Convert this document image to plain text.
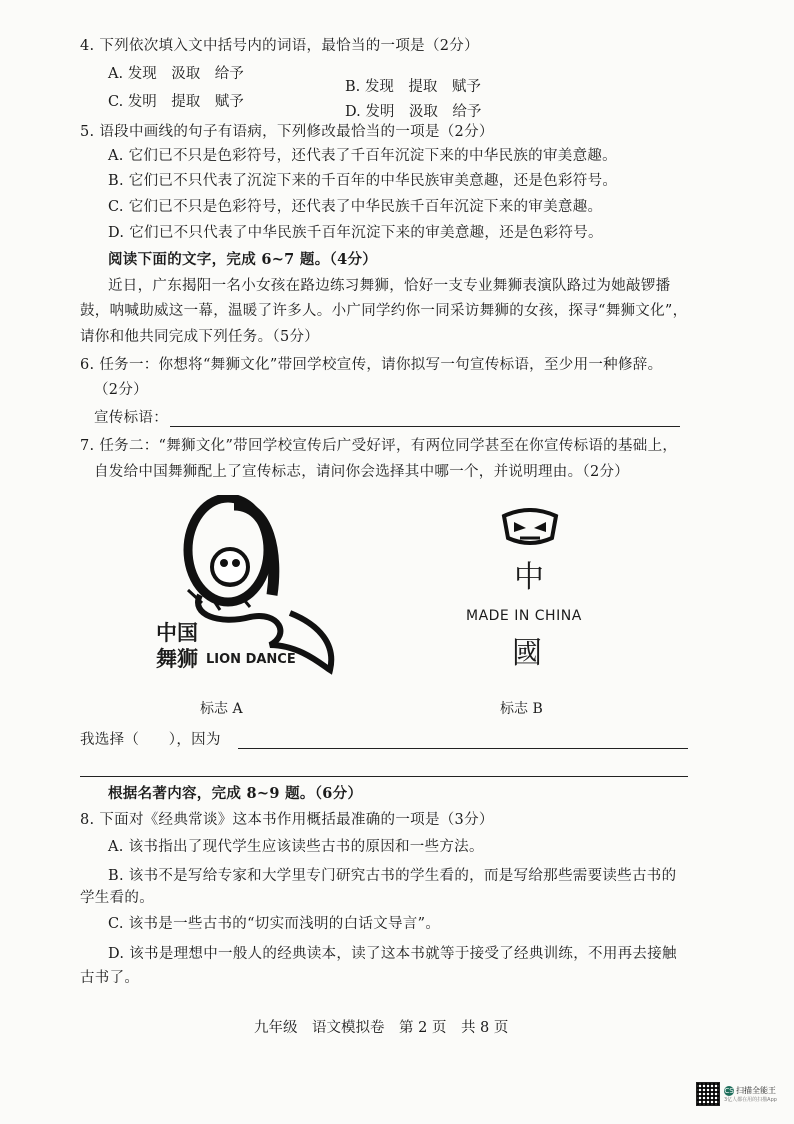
4. 下列依次填入文中括号内的词语，最恰当的一项是（2分）
A. 发现　汲取　给予
B. 发现　提取　赋予
C. 发明　提取　赋予
D. 发明　汲取　给予
5. 语段中画线的句子有语病，下列修改最恰当的一项是（2分）
A. 它们已不只是色彩符号，还代表了千百年沉淀下来的中华民族的审美意趣。
B. 它们已不只代表了沉淀下来的千百年的中华民族审美意趣，还是色彩符号。
C. 它们已不只是色彩符号，还代表了中华民族千百年沉淀下来的审美意趣。
D. 它们已不只代表了中华民族千百年沉淀下来的审美意趣，还是色彩符号。
阅读下面的文字，完成 6~7 题。（4分）
近日，广东揭阳一名小女孩在路边练习舞狮，恰好一支专业舞狮表演队路过为她敲锣播
鼓，呐喊助威这一幕，温暖了许多人。小广同学约你一同采访舞狮的女孩，探寻“舞狮文化”，
请你和他共同完成下列任务。（5分）
6. 任务一：你想将“舞狮文化”带回学校宣传，请你拟写一句宣传标语，至少用一种修辞。
（2分）
宣传标语：
7. 任务二：“舞狮文化”带回学校宣传后广受好评，有两位同学甚至在你宣传标语的基础上，
自发给中国舞狮配上了宣传标志，请问你会选择其中哪一个，并说明理由。（2分）
中国
舞狮 LION DANCE
中
MADE IN CHINA
國
标志 A	标志 B
我选择（　　），因为
根据名著内容，完成 8~9 题。（6分）
8. 下面对《经典常谈》这本书作用概括最准确的一项是（3分）
A. 该书指出了现代学生应该读些古书的原因和一些方法。
B. 该书不是写给专家和大学里专门研究古书的学生看的，而是写给那些需要读些古书的
学生看的。
C. 该书是一些古书的“切实而浅明的白话文导言”。
D. 该书是理想中一般人的经典读本，读了这本书就等于接受了经典训练，不用再去接触
古书了。
九年级　语文模拟卷　第 2 页　共 8 页
CS 扫描全能王
3亿人都在用的扫描App
